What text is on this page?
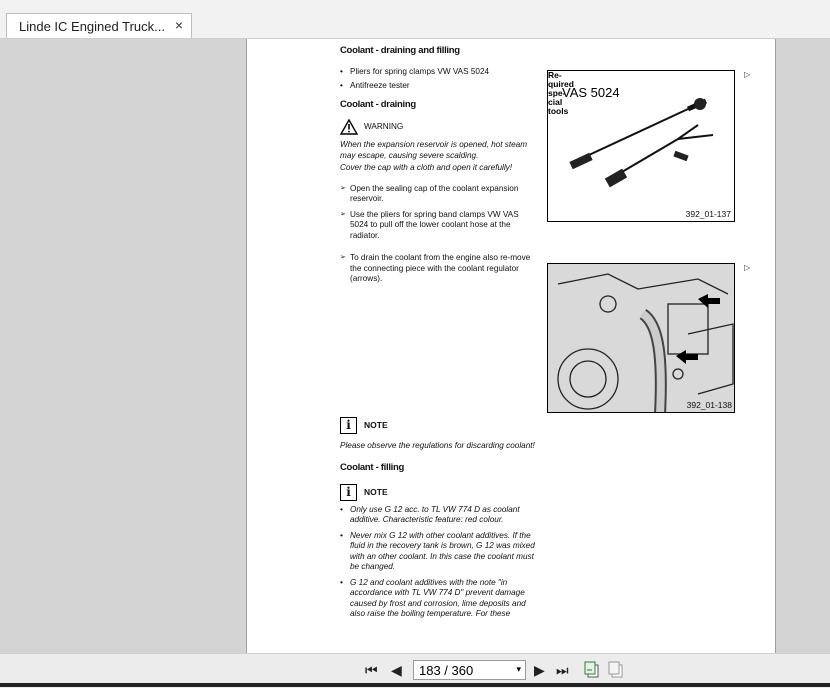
Linde IC Engined Truck... ×
Coolant - draining and filling
• Pliers for spring clamps VW VAS 5024
• Antifreeze tester
Coolant - draining
WARNING
When the expansion reservoir is opened, hot steam may escape, causing severe scalding.
Cover the cap with a cloth and open it carefully!
➢ Open the sealing cap of the coolant expansion reservoir.
➢ Use the pliers for spring band clamps VW VAS 5024 to pull off the lower coolant hose at the radiator.
➢ To drain the coolant from the engine also re-move the connecting piece with the coolant regulator (arrows).
i	NOTE
Please observe the regulations for discarding coolant!
Coolant - filling
i	NOTE
• Only use G 12 acc. to TL VW 774 D as coolant additive. Characteristic feature: red colour.
• Never mix G 12 with other coolant additives. If the fluid in the recovery tank is brown, G 12 was mixed with an other coolant. In this case the coolant must be changed.
• G 12 and coolant additives with the note "in accordance with TL VW 774 D" prevent damage caused by frost and corrosion, lime deposits and also raise the boiling temperature. For these
Re-quired spe-cial tools
VAS 5024
392_01-137
392_01-138
▷
▷
⏮ ◀ 183 / 360	▾ ▶ ⏭
